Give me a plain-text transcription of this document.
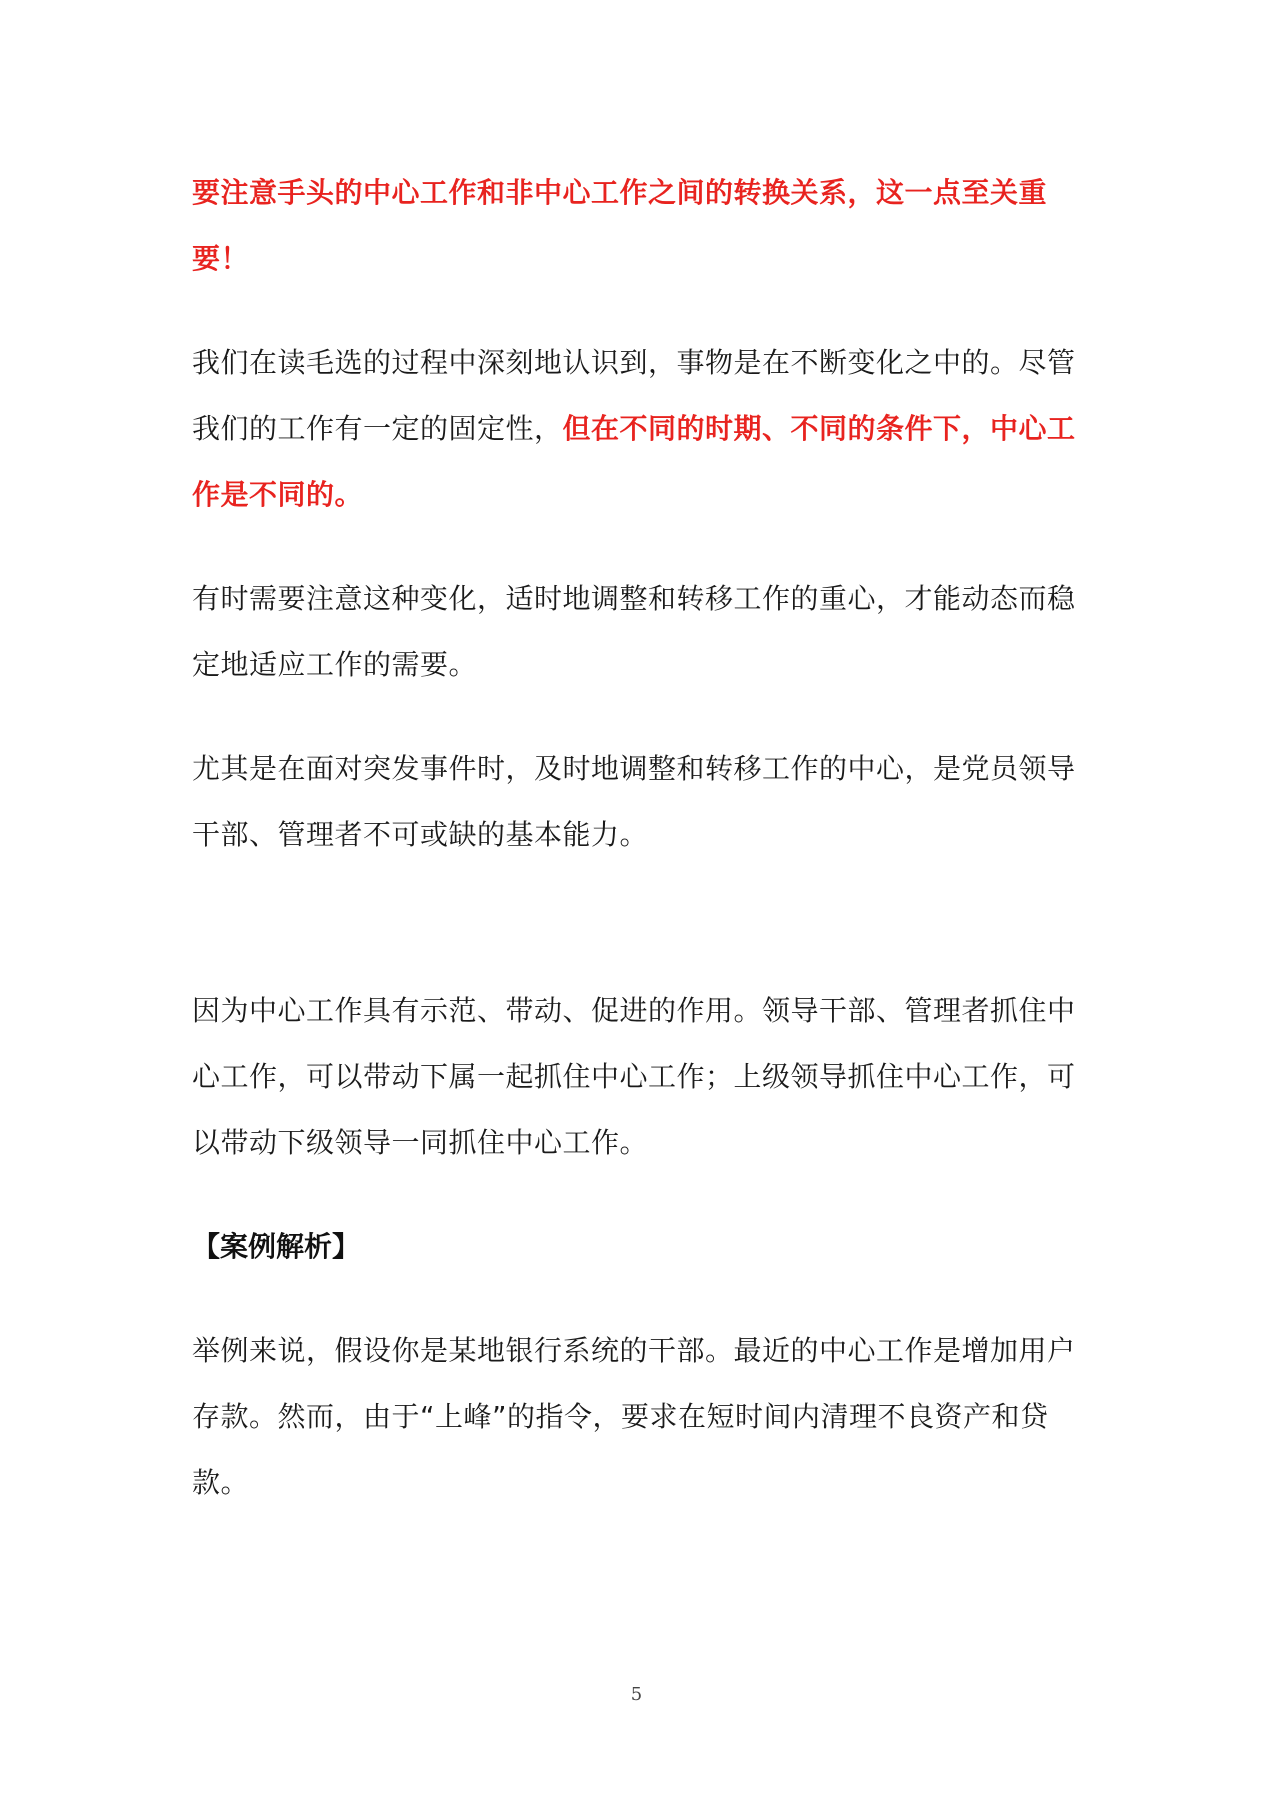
要注意手头的中心工作和非中心工作之间的转换关系，这一点至关重要！

我们在读毛选的过程中深刻地认识到，事物是在不断变化之中的。尽管我们的工作有一定的固定性，但在不同的时期、不同的条件下，中心工作是不同的。

有时需要注意这种变化，适时地调整和转移工作的重心，才能动态而稳定地适应工作的需要。

尤其是在面对突发事件时，及时地调整和转移工作的中心，是党员领导干部、管理者不可或缺的基本能力。

因为中心工作具有示范、带动、促进的作用。领导干部、管理者抓住中心工作，可以带动下属一起抓住中心工作；上级领导抓住中心工作，可以带动下级领导一同抓住中心工作。

【案例解析】

举例来说，假设你是某地银行系统的干部。最近的中心工作是增加用户存款。然而，由于“上峰”的指令，要求在短时间内清理不良资产和贷款。

5
